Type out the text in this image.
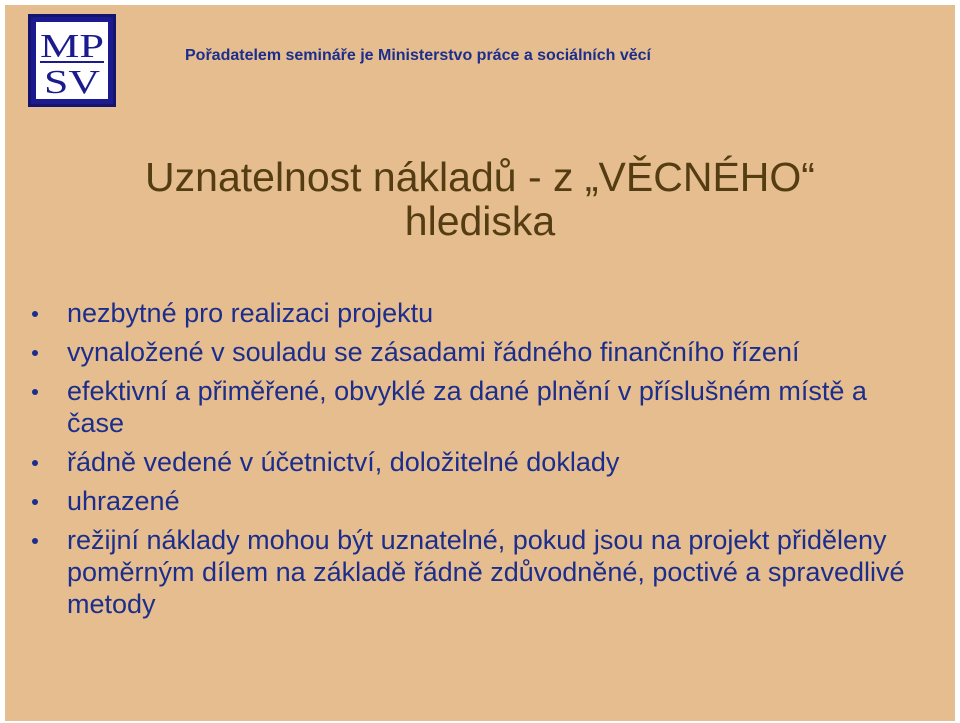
MP
SV
Pořadatelem semináře je Ministerstvo práce a sociálních věcí
Uznatelnost nákladů - z „VĚCNÉHO“
hlediska
nezbytné pro realizaci projektu
vynaložené v souladu se zásadami řádného finančního řízení
efektivní a přiměřené, obvyklé za dané plnění v příslušném místě a čase
řádně vedené v účetnictví, doložitelné doklady
uhrazené
režijní náklady mohou být uznatelné, pokud jsou na projekt přiděleny poměrným dílem na základě řádně zdůvodněné, poctivé a spravedlivé metody
